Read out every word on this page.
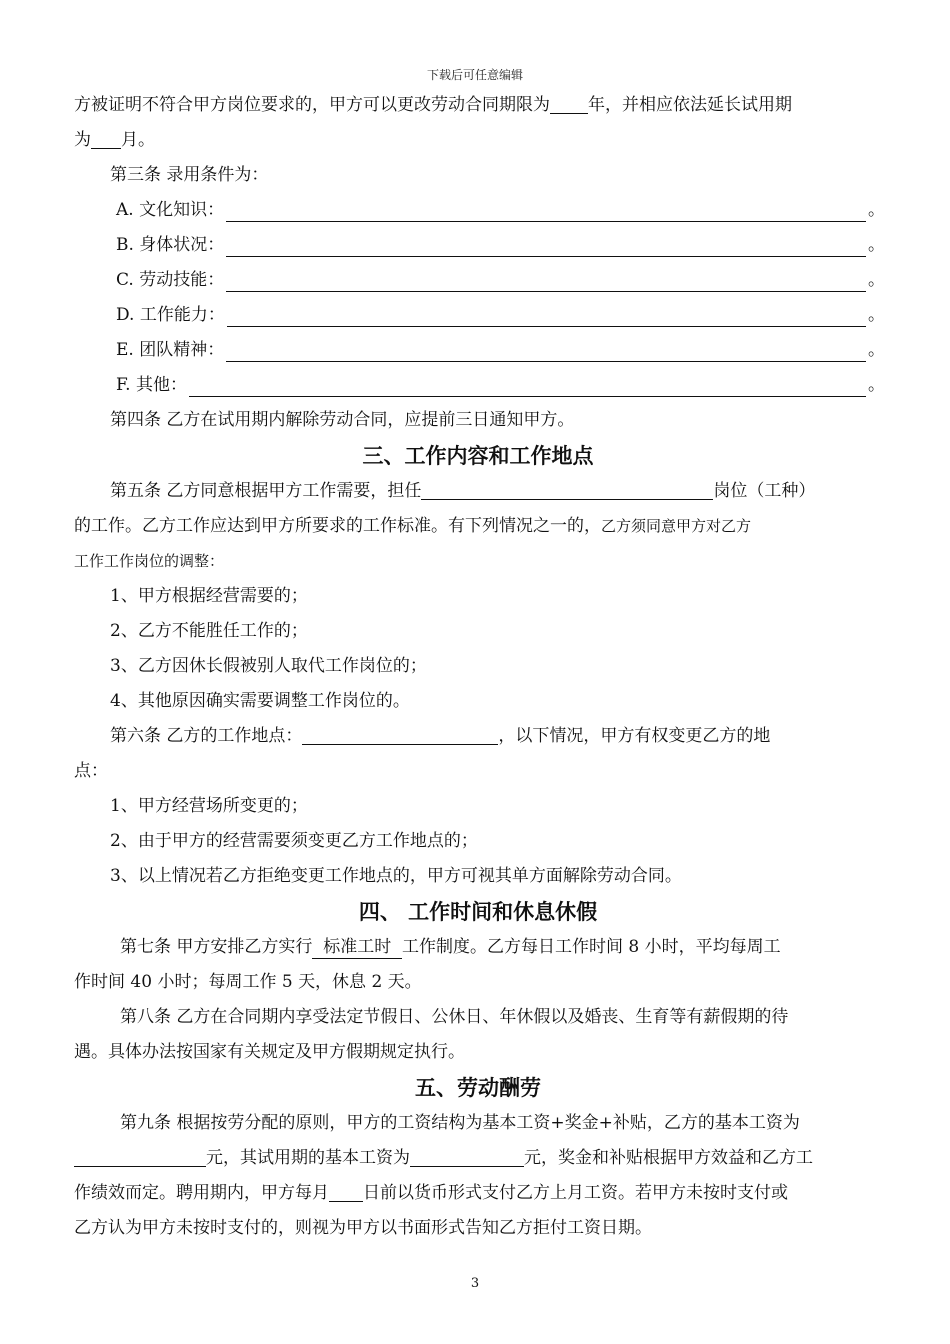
下载后可任意编辑
方被证明不符合甲方岗位要求的，甲方可以更改劳动合同期限为 年，并相应依法延长试用期
为 月。
第三条 录用条件为：
A. 文化知识：	。
B. 身体状况：	。
C. 劳动技能：	。
D. 工作能力：	。
E. 团队精神：	。
F. 其他：	。
第四条 乙方在试用期内解除劳动合同，应提前三日通知甲方。
三、工作内容和工作地点
第五条 乙方同意根据甲方工作需要，担任	岗位（工种）
的工作。乙方工作应达到甲方所要求的工作标准。有下列情况之一的，乙方须同意甲方对乙方
工作工作岗位的调整：
1、甲方根据经营需要的；
2、乙方不能胜任工作的；
3、乙方因休长假被别人取代工作岗位的；
4、其他原因确实需要调整工作岗位的。
第六条 乙方的工作地点：	，以下情况，甲方有权变更乙方的地
点：
1、甲方经营场所变更的；
2、由于甲方的经营需要须变更乙方工作地点的；
3、以上情况若乙方拒绝变更工作地点的，甲方可视其单方面解除劳动合同。
四、 工作时间和休息休假
第七条 甲方安排乙方实行  标准工时  工作制度。乙方每日工作时间 8 小时，平均每周工
作时间 40 小时；每周工作 5 天，休息 2 天。
第八条 乙方在合同期内享受法定节假日、公休日、年休假以及婚丧、生育等有薪假期的待
遇。具体办法按国家有关规定及甲方假期规定执行。
五、劳动酬劳
第九条 根据按劳分配的原则，甲方的工资结构为基本工资+奖金+补贴，乙方的基本工资为
元，其试用期的基本工资为	元，奖金和补贴根据甲方效益和乙方工
作绩效而定。聘用期内，甲方每月 日前以货币形式支付乙方上月工资。若甲方未按时支付或
乙方认为甲方未按时支付的，则视为甲方以书面形式告知乙方拒付工资日期。
3
